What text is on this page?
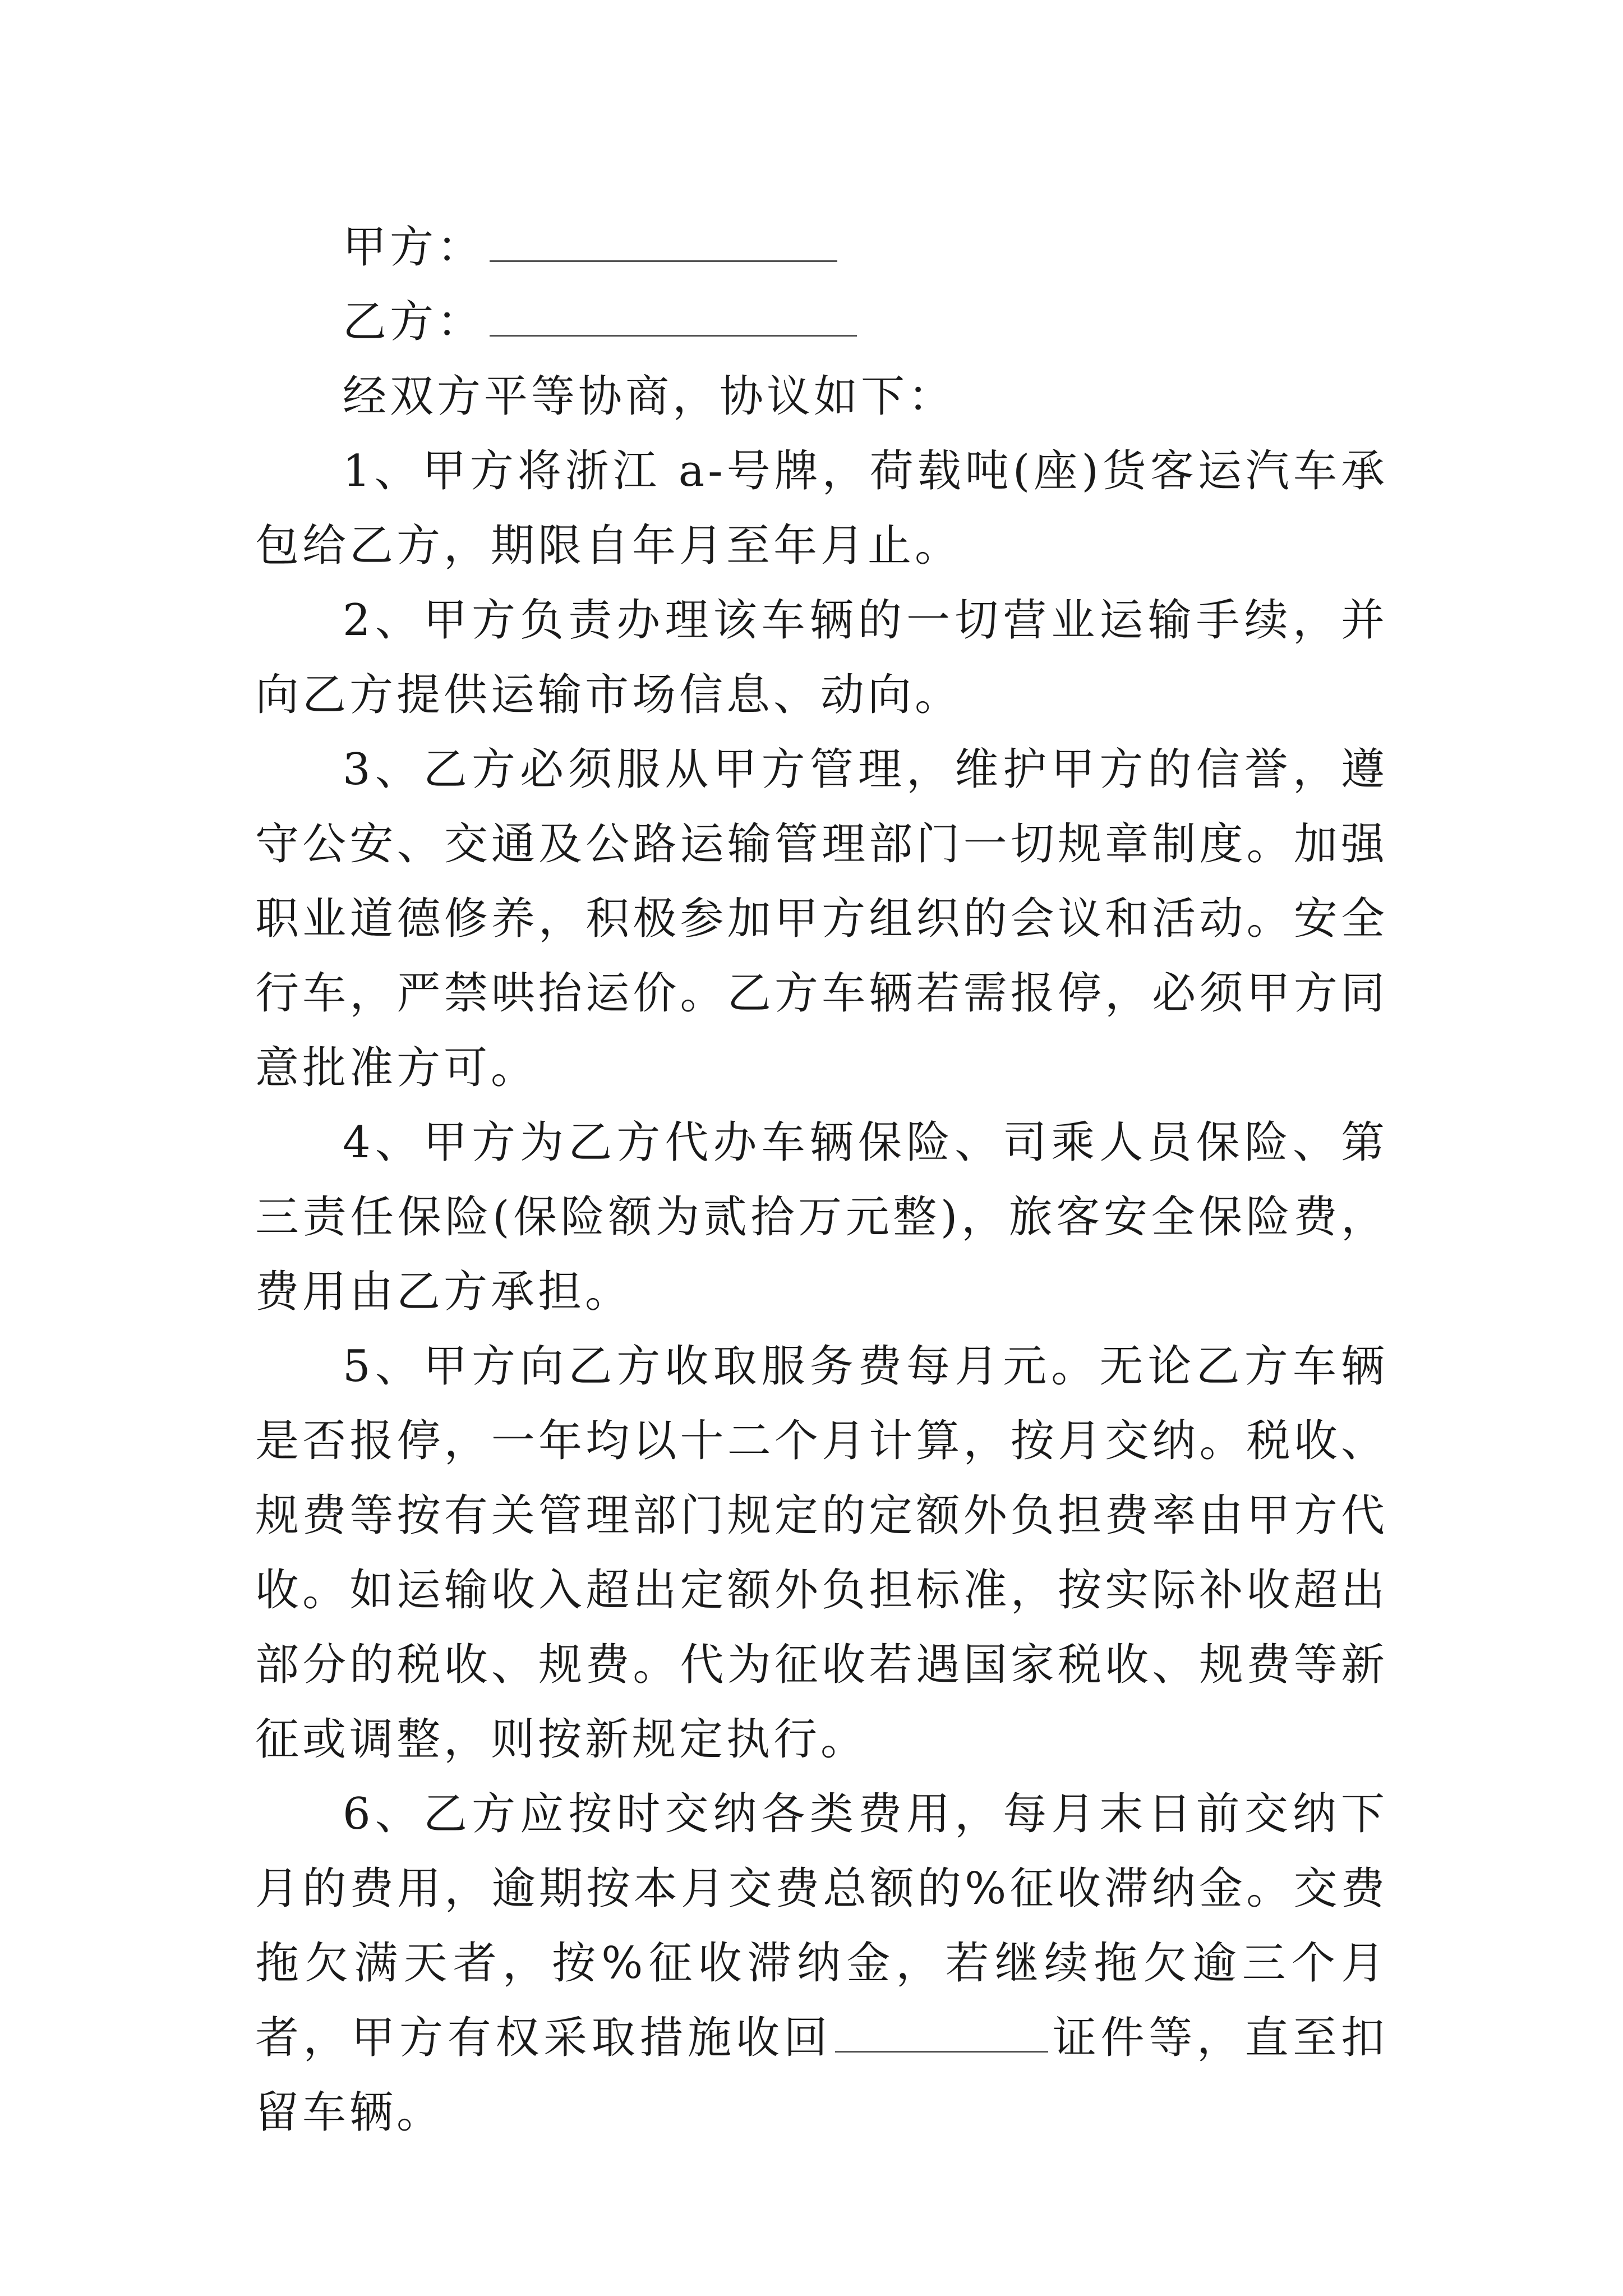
甲方：

乙方：

经双方平等协商，协议如下：

1、甲方将浙江 a-号牌，荷载吨(座)货客运汽车承包给乙方，期限自年月至年月止。

2、甲方负责办理该车辆的一切营业运输手续，并向乙方提供运输市场信息、动向。

3、乙方必须服从甲方管理，维护甲方的信誉，遵守公安、交通及公路运输管理部门一切规章制度。加强职业道德修养，积极参加甲方组织的会议和活动。安全行车，严禁哄抬运价。乙方车辆若需报停，必须甲方同意批准方可。

4、甲方为乙方代办车辆保险、司乘人员保险、第三责任保险(保险额为贰拾万元整)，旅客安全保险费，费用由乙方承担。

5、甲方向乙方收取服务费每月元。无论乙方车辆是否报停，一年均以十二个月计算，按月交纳。税收、规费等按有关管理部门规定的定额外负担费率由甲方代收。如运输收入超出定额外负担标准，按实际补收超出部分的税收、规费。代为征收若遇国家税收、规费等新征或调整，则按新规定执行。

6、乙方应按时交纳各类费用，每月末日前交纳下月的费用，逾期按本月交费总额的%征收滞纳金。交费拖欠满天者，按%征收滞纳金，若继续拖欠逾三个月者，甲方有权采取措施收回	证件等，直至扣留车辆。
